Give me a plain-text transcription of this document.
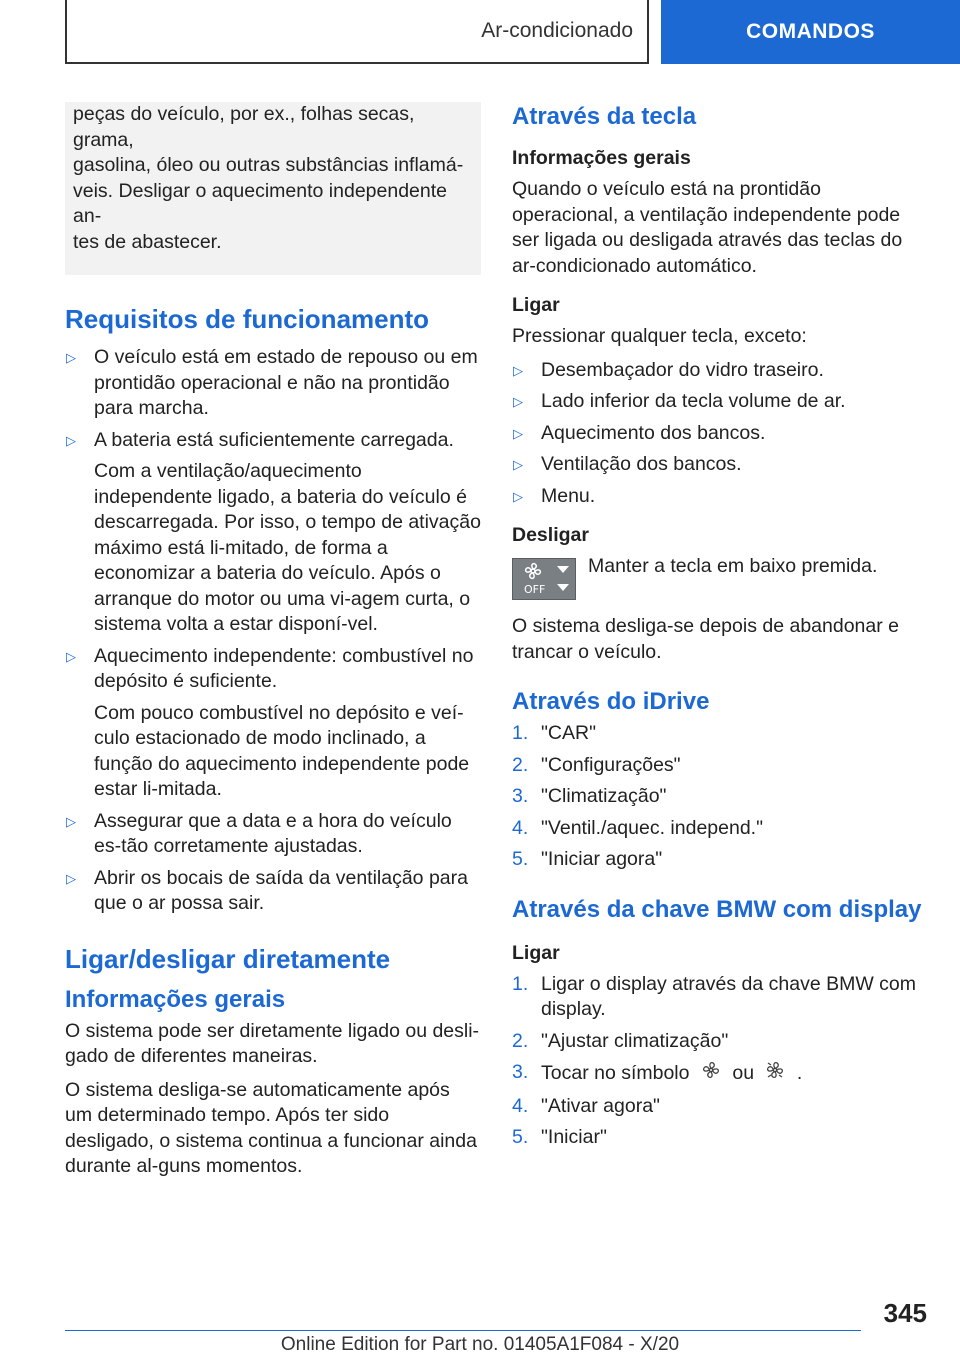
Ar-condicionado	COMANDOS

peças do veículo, por ex., folhas secas, grama,

gasolina, óleo ou outras substâncias inflamá-

veis. Desligar o aquecimento independente an-

tes de abastecer.

Requisitos de funcionamento
▷ O veículo está em estado de repouso ou em prontidão operacional e não na prontidão para marcha.
▷ A bateria está suficientemente carregada.

Com a ventilação/aquecimento independente ligado, a bateria do veículo é descarregada. Por isso, o tempo de ativação máximo está li-mitado, de forma a economizar a bateria do veículo. Após o arranque do motor ou uma vi-agem curta, o sistema volta a estar disponí-vel.

▷ Aquecimento independente: combustível no depósito é suficiente.

Com pouco combustível no depósito e veí-culo estacionado de modo inclinado, a função do aquecimento independente pode estar li-mitada.

▷ Assegurar que a data e a hora do veículo es-tão corretamente ajustadas.
▷ Abrir os bocais de saída da ventilação para que o ar possa sair.
Ligar/desligar diretamente
Informações gerais

O sistema pode ser diretamente ligado ou desli-gado de diferentes maneiras.

O sistema desliga-se automaticamente após um determinado tempo. Após ter sido desligado, o sistema continua a funcionar ainda durante al-guns momentos.

Através da tecla
Informações gerais

Quando o veículo está na prontidão operacional, a ventilação independente pode ser ligada ou desligada através das teclas do ar-condicionado automático.

Ligar

Pressionar qualquer tecla, exceto:

▷ Desembaçador do vidro traseiro.
▷ Lado inferior da tecla volume de ar.
▷ Aquecimento dos bancos.
▷ Ventilação dos bancos.
▷ Menu.
Desligar
OFF
Manter a tecla em baixo premida.

O sistema desliga-se depois de abandonar e trancar o veículo.

Através do iDrive
1. "CAR"
2. "Configurações"
3. "Climatização"
4. "Ventil./aquec. independ."
5. "Iniciar agora"
Através da chave BMW com display
Ligar
1. Ligar o display através da chave BMW com display.
2. "Ajustar climatização"
3. Tocar no símbolo ou .
4. "Ativar agora"
5. "Iniciar"
345
Online Edition for Part no. 01405A1F084 - X/20
